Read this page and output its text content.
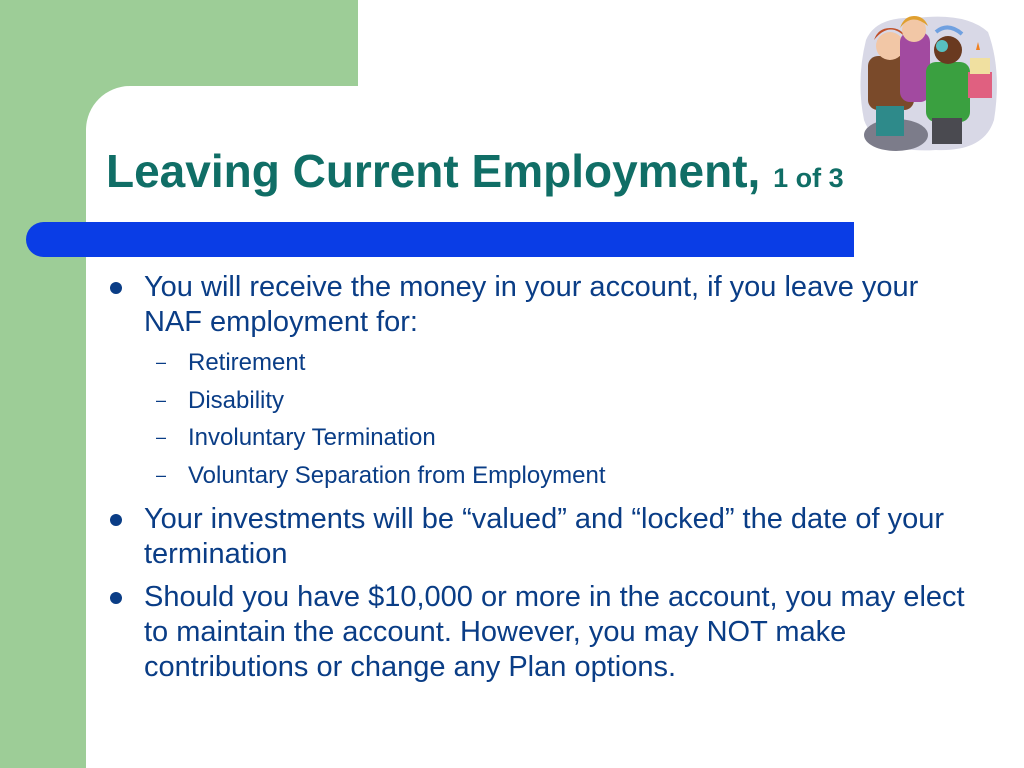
Leaving Current Employment, 1 of 3
You will receive the money in your account, if you leave your NAF employment for:
– Retirement
– Disability
– Involuntary Termination
– Voluntary Separation from Employment
Your investments will be “valued” and “locked” the date of your termination
Should you have $10,000 or more in the account, you may elect to maintain the account. However, you may NOT make contributions or change any Plan options.
